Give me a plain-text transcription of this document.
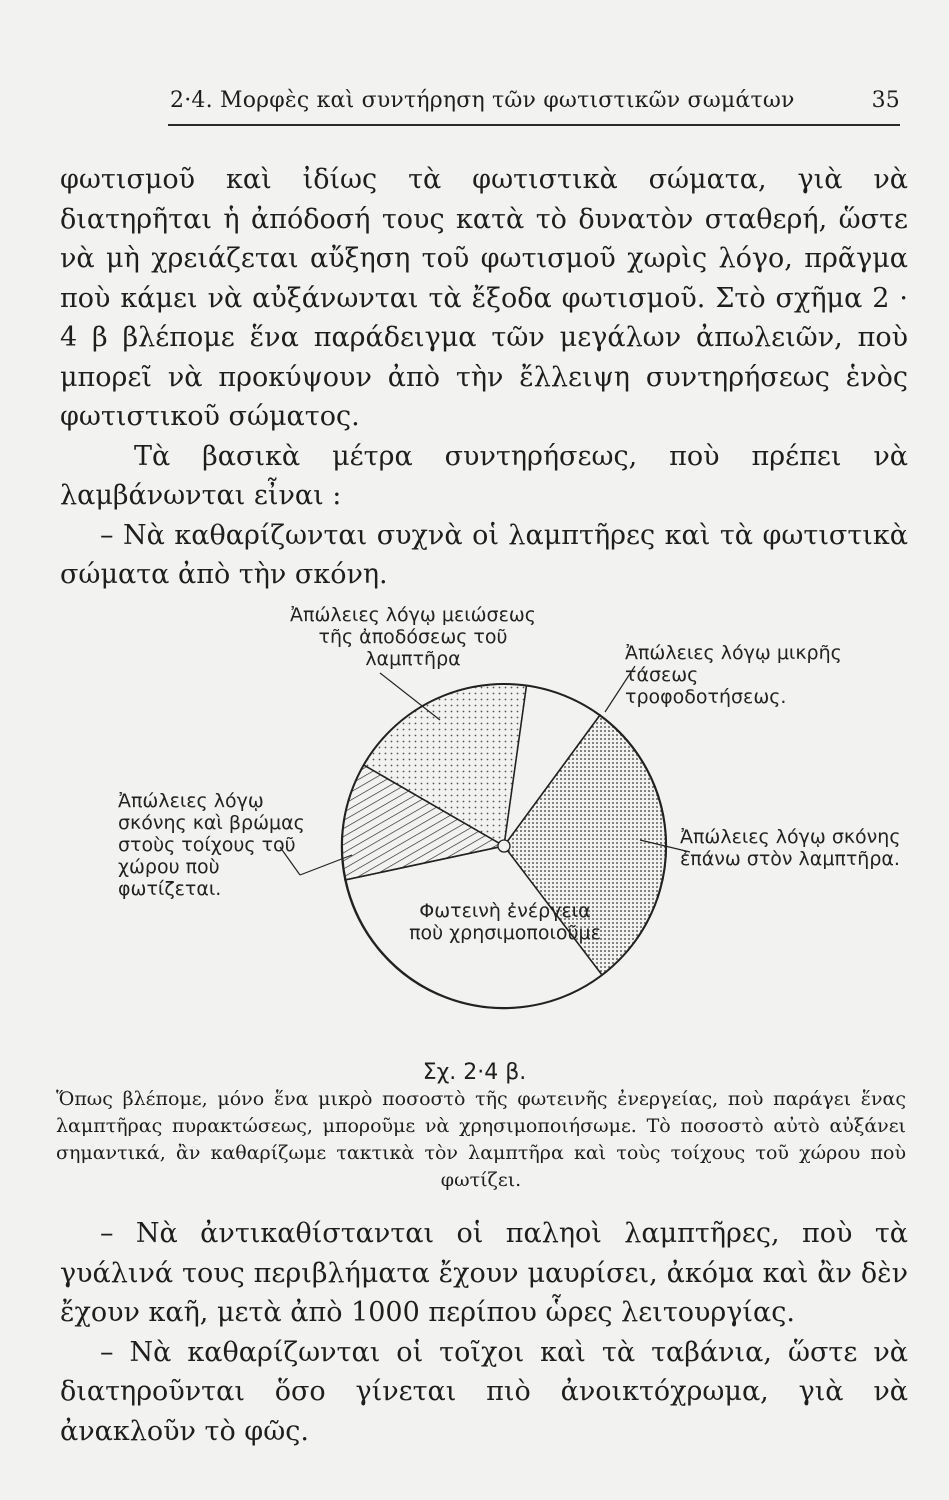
2·4. Μορφὲς καὶ συντήρηση τῶν φωτιστικῶν σωμάτων	35

φωτισμοῦ καὶ ἰδίως τὰ φωτιστικὰ σώματα, γιὰ νὰ διατηρῆται ἡ ἀπόδοσή τους κατὰ τὸ δυνατὸν σταθερή, ὥστε νὰ μὴ χρειάζεται αὔξηση τοῦ φωτισμοῦ χωρὶς λόγο, πρᾶγμα ποὺ κάμει νὰ αὐξάνωνται τὰ ἔξοδα φωτισμοῦ. Στὸ σχῆμα 2 · 4 β βλέπομε ἕνα παράδειγμα τῶν μεγάλων ἀπωλειῶν, ποὺ μπορεῖ νὰ προκύψουν ἀπὸ τὴν ἔλλειψη συντηρήσεως ἑνὸς φωτιστικοῦ σώματος.

Τὰ βασικὰ μέτρα συντηρήσεως, ποὺ πρέπει νὰ λαμβάνωνται εἶναι :

– Νὰ καθαρίζωνται συχνὰ οἱ λαμπτῆρες καὶ τὰ φωτιστικὰ σώματα ἀπὸ τὴν σκόνη.

Ἀπώλειες λόγῳ μειώσεως τῆς ἀποδόσεως τοῦ λαμπτῆρα	Ἀπώλειες λόγῳ μικρῆς τάσεως τροφοδοτήσεως.
Ἀπώλειες λόγῳ σκόνης καὶ βρώμας στοὺς τοίχους τοῦ χώρου ποὺ φωτίζεται.
Ἀπώλειες λόγῳ σκόνης ἐπάνω στὸν λαμπτῆρα.
Φωτεινὴ ἐνέργεια ποὺ χρησιμοποιοῦμε
Σχ. 2·4 β.
Ὅπως βλέπομε, μόνο ἕνα μικρὸ ποσοστὸ τῆς φωτεινῆς ἐνεργείας, ποὺ παράγει ἕνας λαμπτῆρας πυρακτώσεως, μποροῦμε νὰ χρησιμοποιήσωμε. Τὸ ποσοστὸ αὐτὸ αὐξάνει σημαντικά, ἂν καθαρίζωμε τακτικὰ τὸν λαμπτῆρα καὶ τοὺς τοίχους τοῦ χώρου ποὺ φωτίζει.

– Νὰ ἀντικαθίστανται οἱ παληοὶ λαμπτῆρες, ποὺ τὰ γυάλινά τους περιβλήματα ἔχουν μαυρίσει, ἀκόμα καὶ ἂν δὲν ἔχουν καῆ, μετὰ ἀπὸ 1000 περίπου ὧρες λειτουργίας.

– Νὰ καθαρίζωνται οἱ τοῖχοι καὶ τὰ ταβάνια, ὥστε νὰ διατηροῦνται ὅσο γίνεται πιὸ ἀνοικτόχρωμα, γιὰ νὰ ἀνακλοῦν τὸ φῶς.
